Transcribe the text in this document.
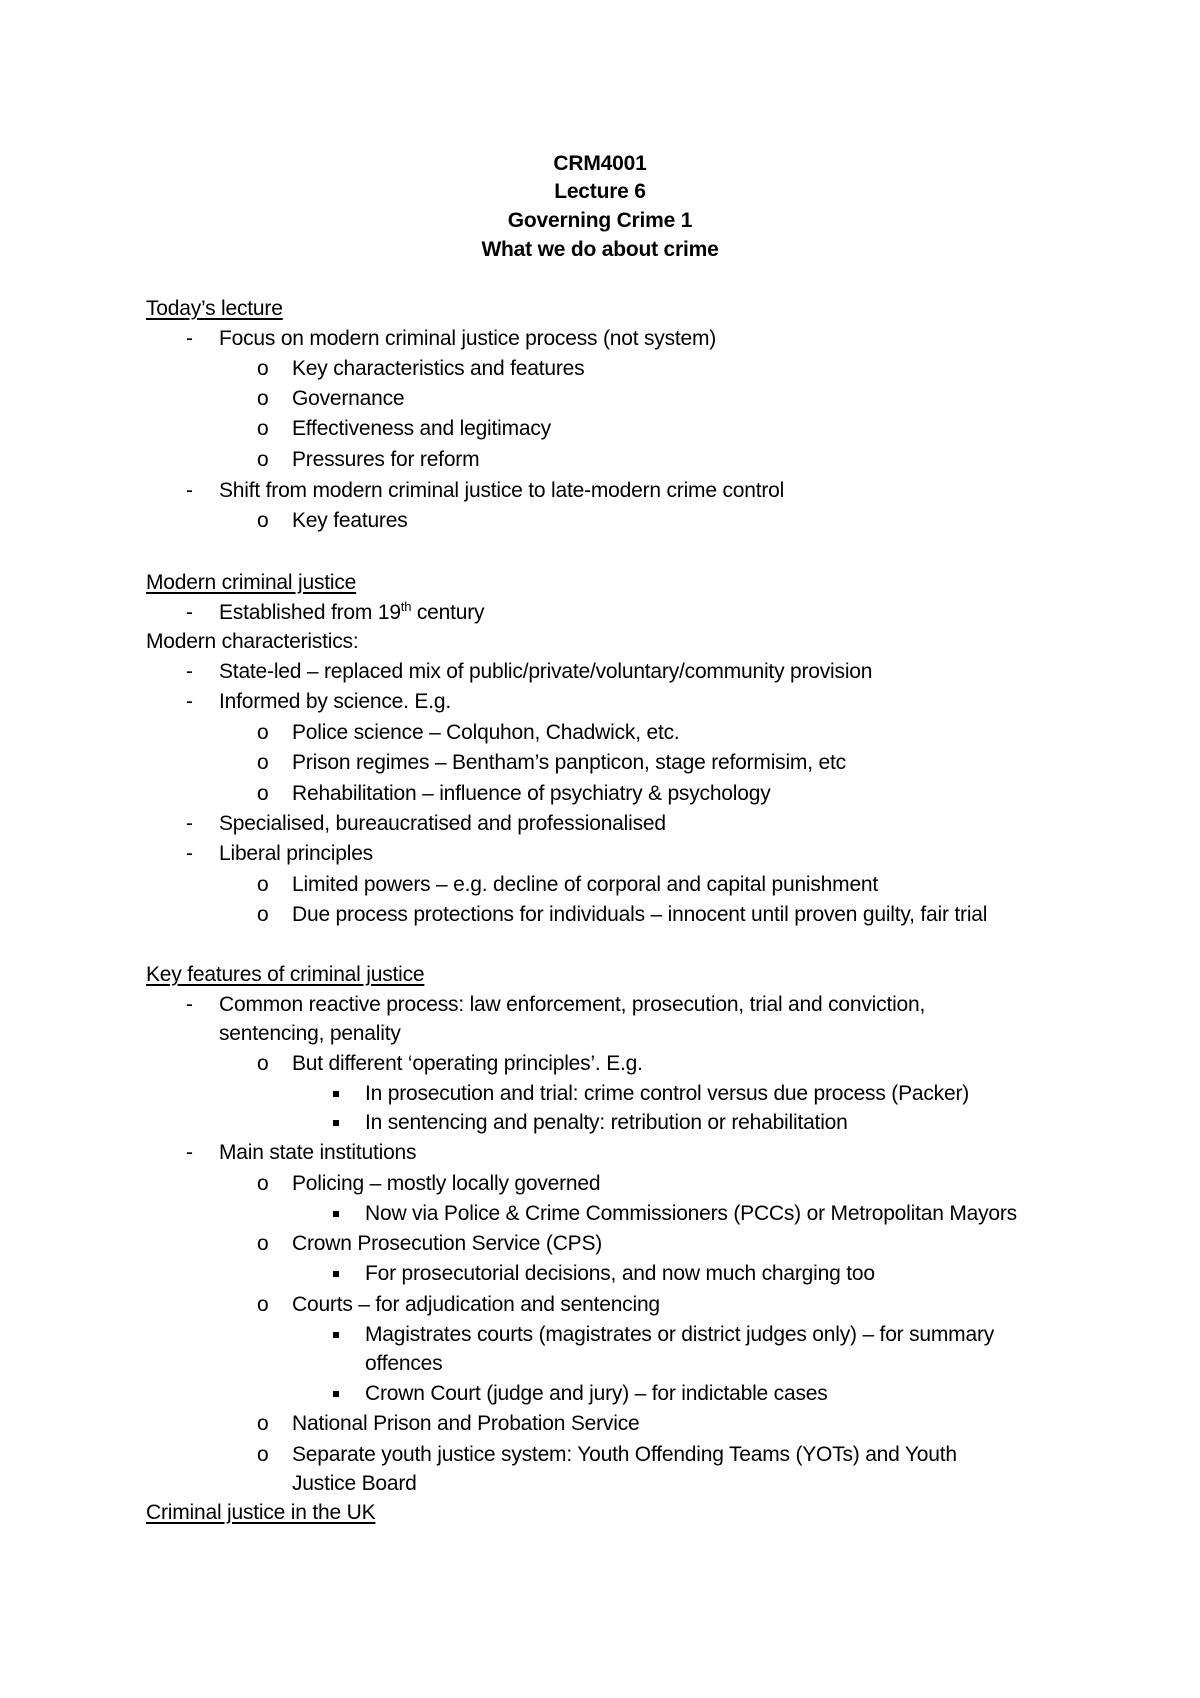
CRM4001
Lecture 6
Governing Crime 1
What we do about crime
Today’s lecture
- Focus on modern criminal justice process (not system)
o Key characteristics and features
o Governance
o Effectiveness and legitimacy
o Pressures for reform
- Shift from modern criminal justice to late-modern crime control
o Key features
Modern criminal justice
- Established from 19th century
Modern characteristics:
- State-led – replaced mix of public/private/voluntary/community provision
- Informed by science. E.g.
o Police science – Colquhon, Chadwick, etc.
o Prison regimes – Bentham’s panpticon, stage reformisim, etc
o Rehabilitation – influence of psychiatry & psychology
- Specialised, bureaucratised and professionalised
- Liberal principles
o Limited powers – e.g. decline of corporal and capital punishment
o Due process protections for individuals – innocent until proven guilty, fair trial
Key features of criminal justice
- Common reactive process: law enforcement, prosecution, trial and conviction,
sentencing, penality
o But different ‘operating principles’. E.g.
In prosecution and trial: crime control versus due process (Packer)
In sentencing and penalty: retribution or rehabilitation
- Main state institutions
o Policing – mostly locally governed
Now via Police & Crime Commissioners (PCCs) or Metropolitan Mayors
o Crown Prosecution Service (CPS)
For prosecutorial decisions, and now much charging too
o Courts – for adjudication and sentencing
Magistrates courts (magistrates or district judges only) – for summary
offences
Crown Court (judge and jury) – for indictable cases
o National Prison and Probation Service
o Separate youth justice system: Youth Offending Teams (YOTs) and Youth
Justice Board
Criminal justice in the UK
